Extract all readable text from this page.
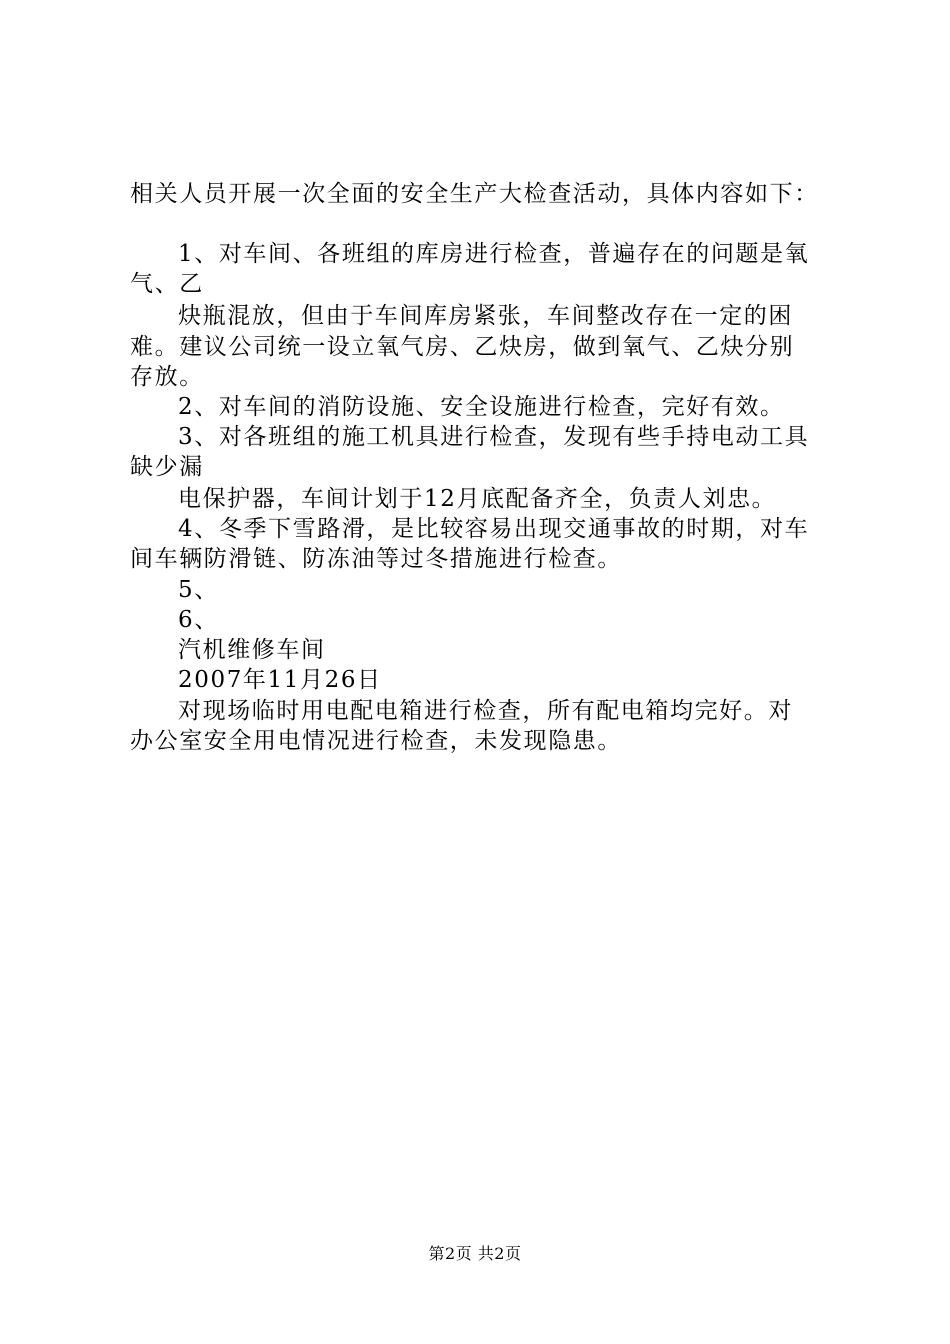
相关人员开展一次全面的安全生产大检查活动，具体内容如下：
1、对车间、各班组的库房进行检查，普遍存在的问题是氧
气、乙
炔瓶混放，但由于车间库房紧张，车间整改存在一定的困
难。建议公司统一设立氧气房、乙炔房，做到氧气、乙炔分别
存放。
2、对车间的消防设施、安全设施进行检查，完好有效。
3、对各班组的施工机具进行检查，发现有些手持电动工具
缺少漏
电保护器，车间计划于12月底配备齐全，负责人刘忠。
4、冬季下雪路滑，是比较容易出现交通事故的时期，对车
间车辆防滑链、防冻油等过冬措施进行检查。
5、
6、
汽机维修车间
2007年11月26日
对现场临时用电配电箱进行检查，所有配电箱均完好。对
办公室安全用电情况进行检查，未发现隐患。
第2页 共2页
